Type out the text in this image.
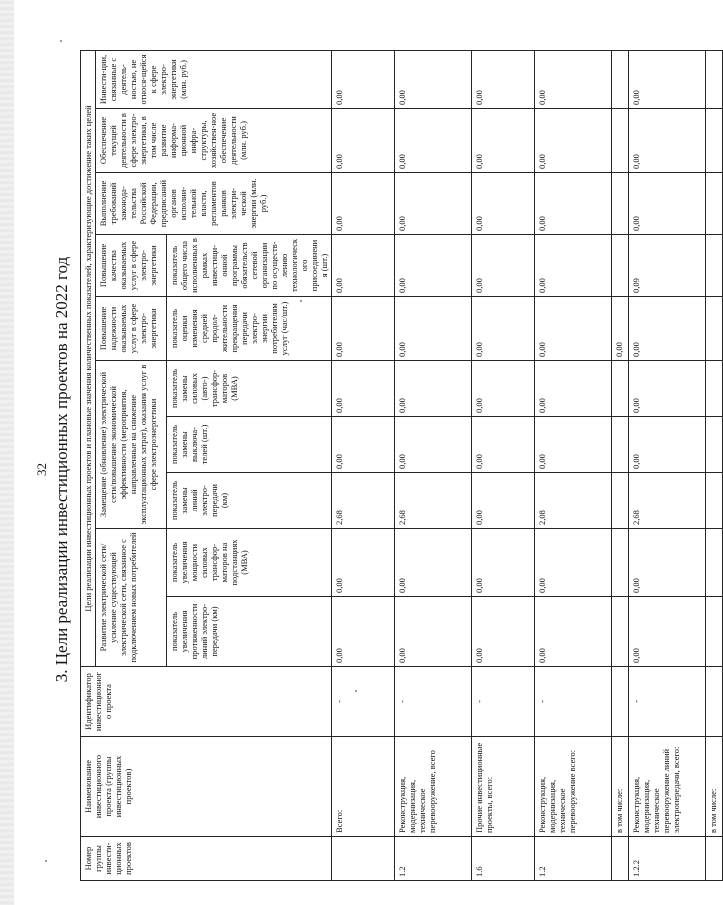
32 3. Цели реализации инвестиционных проектов на 2022 год
Номер группы инвести-ционных проектов	Наименование инвестиционного проекта (группы инвестиционных проектов)	Идентификатор инвестиционного проекта	Цели реализации инвестиционных проектов и плановые значения количественных показателей, характеризующие достижение таких целей									
			Развитие электрической сети/усиление существующей электрической сети, связанное с подключением новых потребителей		Замещение (обновление) электрической сети/повышение экономической эффективности (мероприятия, направленные на снижение эксплуатационных затрат), оказания услуг в сфере электроэнергетики			Повышение надежности оказываемых услуг в сфере электро-энергетики	Повышение качества оказываемых услуг в сфере электро-энергетики	Выполнение требований законода-тельства Российской Федерации, предписаний органов исполни-тельной власти, регламентов рынков электри-ческой энергии (млн. руб.)	Обеспечение текущей деятельности в сфере электро-энергетики, в том числе развитие информа-ционной инфра-структуры, хозяйствен-ное обеспечение деятельности (млн. руб.)	Инвести-ции, связанные с деятель-ностью, не относя-щейся к сфере электро-энергетики (млн. руб.)
			показатель увеличения протяженности линий электро-передачи (км)	показатель увеличения мощности силовых трансфор-маторов на подстанциях (МВА)	показатель замены линий электро-передачи (км)	показатель замены выключа-телей (шт.)	показатель замены силовых (авто-) трансфор-маторов (МВА)	показатель оценки изменения средней продол-жительности прекращения передачи электро-энергии потребителям услуг (час/шт.)	показатель общего числа исполненных в рамках инвестици-онной программы обязательств сетевой организации по осуществ-лению технологического присоединения (шт.)			
	Всего:	-	0,00	0,00	2,68	0,00	0,00	0,00	0,00	0,00	0,00	0,00
1.2	Реконструкция, модернизация, техническое перевооружение, всего	-	0,00	0,00	2,68	0,00	0,00	0,00	0,00	0,00	0,00	0,00
1.6	Прочие инвестиционные проекты, всего:	-	0,00	0,00	0,00	0,00	0,00	0,00	0,00	0,00	0,00	0,00
1.2	Реконструкция, модернизация, техническое перевооружение всего:	-	0,00	0,00	2,08	0,00	0,00	0,00	0,00	0,00	0,00	0,00
	в том числе:							0,00				
1.2.2	Реконструкция, модернизация, техническое перевооружение линий электропередачи, всего:	-	0,00	0,00	2,68	0,00	0,00	0,00	0,09	0,00	0,00	0,00
	в том числе:											
